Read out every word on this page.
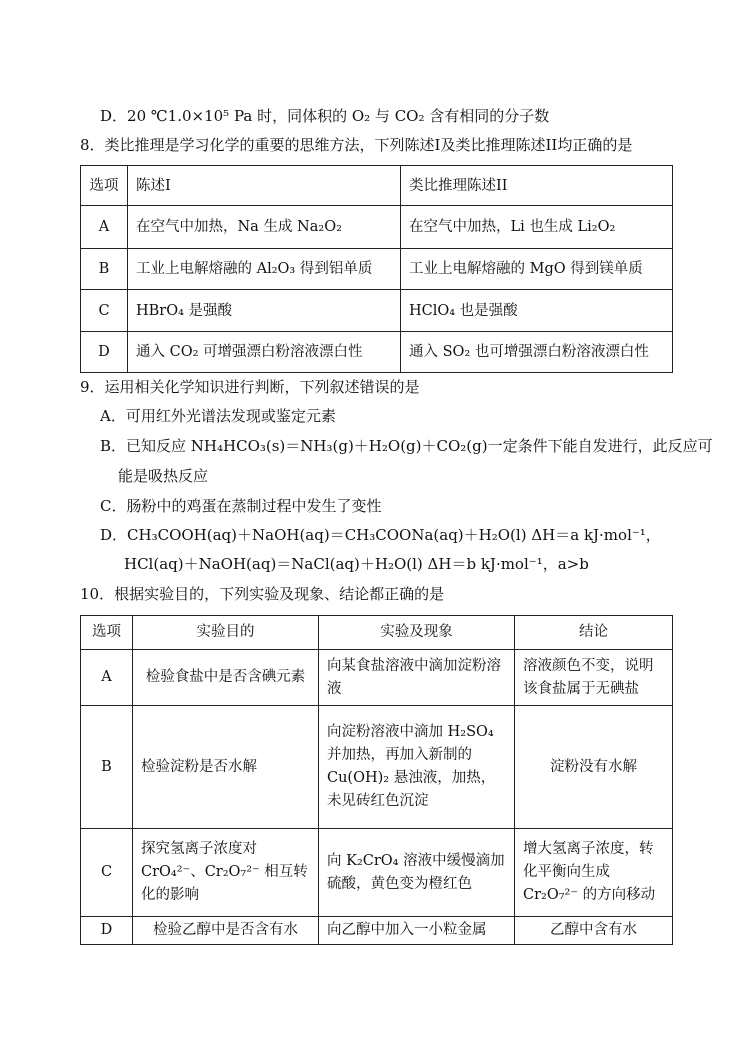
D．20 ℃1.0×10⁵ Pa 时，同体积的 O₂ 与 CO₂ 含有相同的分子数
8．类比推理是学习化学的重要的思维方法，下列陈述I及类比推理陈述II均正确的是
选项	陈述I	类比推理陈述II
A	在空气中加热，Na 生成 Na₂O₂	在空气中加热，Li 也生成 Li₂O₂
B	工业上电解熔融的 Al₂O₃ 得到铝单质	工业上电解熔融的 MgO 得到镁单质
C	HBrO₄ 是强酸	HClO₄ 也是强酸
D	通入 CO₂ 可增强漂白粉溶液漂白性	通入 SO₂ 也可增强漂白粉溶液漂白性
9．运用相关化学知识进行判断，下列叙述错误的是
A．可用红外光谱法发现或鉴定元素
B．已知反应 NH₄HCO₃(s)＝NH₃(g)＋H₂O(g)＋CO₂(g)一定条件下能自发进行，此反应可
能是吸热反应
C．肠粉中的鸡蛋在蒸制过程中发生了变性
D．CH₃COOH(aq)＋NaOH(aq)＝CH₃COONa(aq)＋H₂O(l) ΔH＝a kJ·mol⁻¹，
HCl(aq)＋NaOH(aq)＝NaCl(aq)＋H₂O(l) ΔH＝b kJ·mol⁻¹，a>b
10．根据实验目的，下列实验及现象、结论都正确的是
选项	实验目的	实验及现象	结论
A	检验食盐中是否含碘元素	向某食盐溶液中滴加淀粉溶液	溶液颜色不变，说明该食盐属于无碘盐
B	检验淀粉是否水解	向淀粉溶液中滴加 H₂SO₄ 并加热，再加入新制的 Cu(OH)₂ 悬浊液，加热，未见砖红色沉淀	淀粉没有水解
C	探究氢离子浓度对 CrO₄²⁻、Cr₂O₇²⁻ 相互转化的影响	向 K₂CrO₄ 溶液中缓慢滴加硫酸，黄色变为橙红色	增大氢离子浓度，转化平衡向生成 Cr₂O₇²⁻ 的方向移动
D	检验乙醇中是否含有水	向乙醇中加入一小粒金属	乙醇中含有水
